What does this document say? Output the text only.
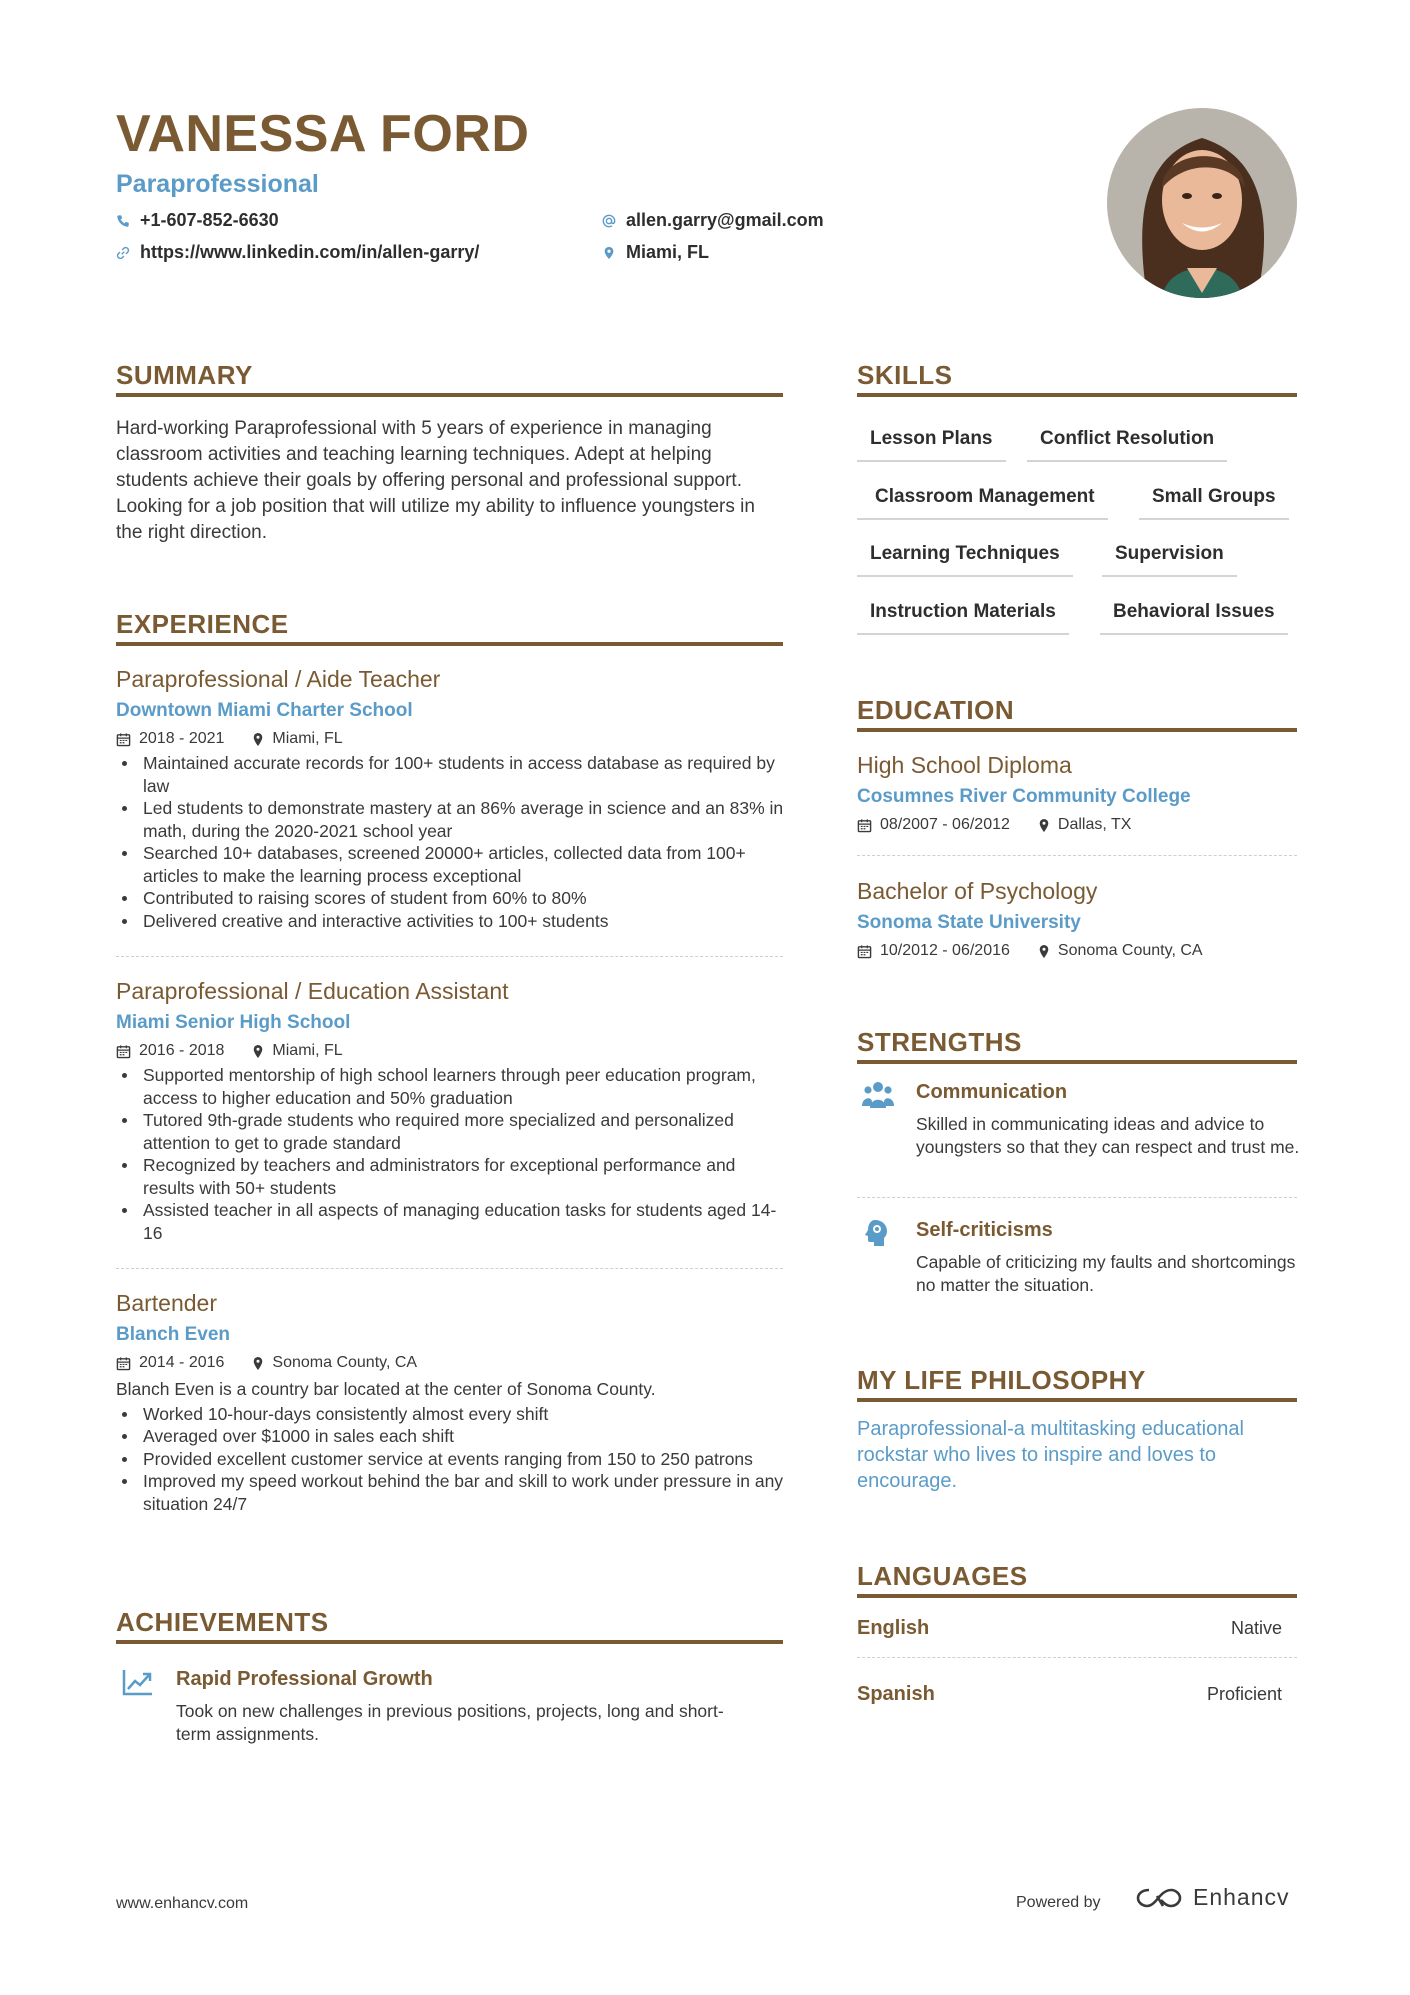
VANESSA FORD
Paraprofessional
+1-607-852-6630	allen.garry@gmail.com
https://www.linkedin.com/in/allen-garry/	Miami, FL
SUMMARY
Hard-working Paraprofessional with 5 years of experience in managing classroom activities and teaching learning techniques. Adept at helping students achieve their goals by offering personal and professional support. Looking for a job position that will utilize my ability to influence youngsters in the right direction.
EXPERIENCE
Paraprofessional / Aide Teacher
Downtown Miami Charter School
2018 - 2021	Miami, FL
Maintained accurate records for 100+ students in access database as required by law
Led students to demonstrate mastery at an 86% average in science and an 83% in math, during the 2020-2021 school year
Searched 10+ databases, screened 20000+ articles, collected data from 100+ articles to make the learning process exceptional
Contributed to raising scores of student from 60% to 80%
Delivered creative and interactive activities to 100+ students
Paraprofessional / Education Assistant
Miami Senior High School
2016 - 2018	Miami, FL
Supported mentorship of high school learners through peer education program, access to higher education and 50% graduation
Tutored 9th-grade students who required more specialized and personalized attention to get to grade standard
Recognized by teachers and administrators for exceptional performance and results with 50+ students
Assisted teacher in all aspects of managing education tasks for students aged 14-16
Bartender
Blanch Even
2014 - 2016	Sonoma County, CA
Blanch Even is a country bar located at the center of Sonoma County.
Worked 10-hour-days consistently almost every shift
Averaged over $1000 in sales each shift
Provided excellent customer service at events ranging from 150 to 250 patrons
Improved my speed workout behind the bar and skill to work under pressure in any situation 24/7
ACHIEVEMENTS
Rapid Professional Growth
Took on new challenges in previous positions, projects, long and short-term assignments.
SKILLS
Lesson Plans	Conflict Resolution
Classroom Management	Small Groups
Learning Techniques	Supervision
Instruction Materials	Behavioral Issues
EDUCATION
High School Diploma
Cosumnes River Community College
08/2007 - 06/2012	Dallas, TX
Bachelor of Psychology
Sonoma State University
10/2012 - 06/2016	Sonoma County, CA
STRENGTHS
Communication
Skilled in communicating ideas and advice to youngsters so that they can respect and trust me.
Self-criticisms
Capable of criticizing my faults and shortcomings no matter the situation.
MY LIFE PHILOSOPHY
Paraprofessional-a multitasking educational rockstar who lives to inspire and loves to encourage.
LANGUAGES
English	Native
Spanish	Proficient
www.enhancv.com	Powered by	Enhancv
